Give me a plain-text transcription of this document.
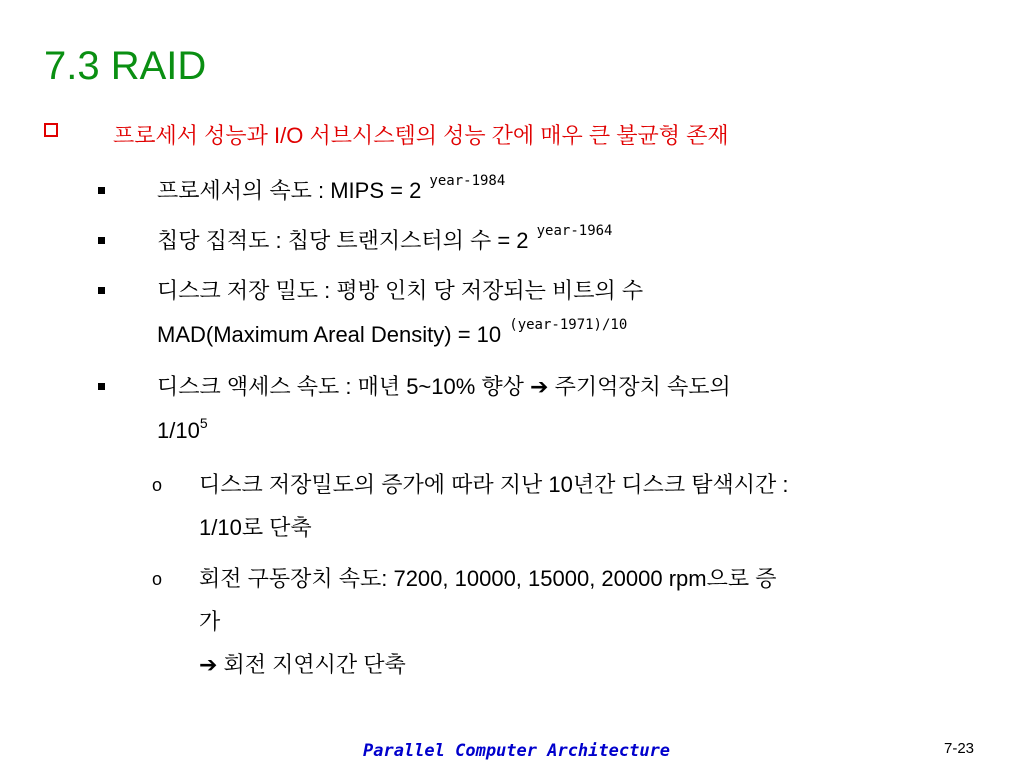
7.3 RAID
프로세서 성능과 I/O 서브시스템의 성능 간에 매우 큰 불균형 존재
프로세서의 속도 : MIPS = 2 $^{year-1984}$
칩당 집적도 : 칩당 트랜지스터의 수 = 2 $^{year-1964}$
디스크 저장 밀도 : 평방 인치 당 저장되는 비트의 수
MAD(Maximum Areal Density) = 10 $^{(year-1971)/10}$
디스크 액세스 속도 : 매년 5~10% 향상 ➔ 주기억장치 속도의
$1/10^5$
o 디스크 저장밀도의 증가에 따라 지난 10년간 디스크 탐색시간 :
1/10로 단축
o 회전 구동장치 속도: 7200, 10000, 15000, 20000 rpm으로 증
가
➔ 회전 지연시간 단축
Parallel Computer Architecture	7-23
